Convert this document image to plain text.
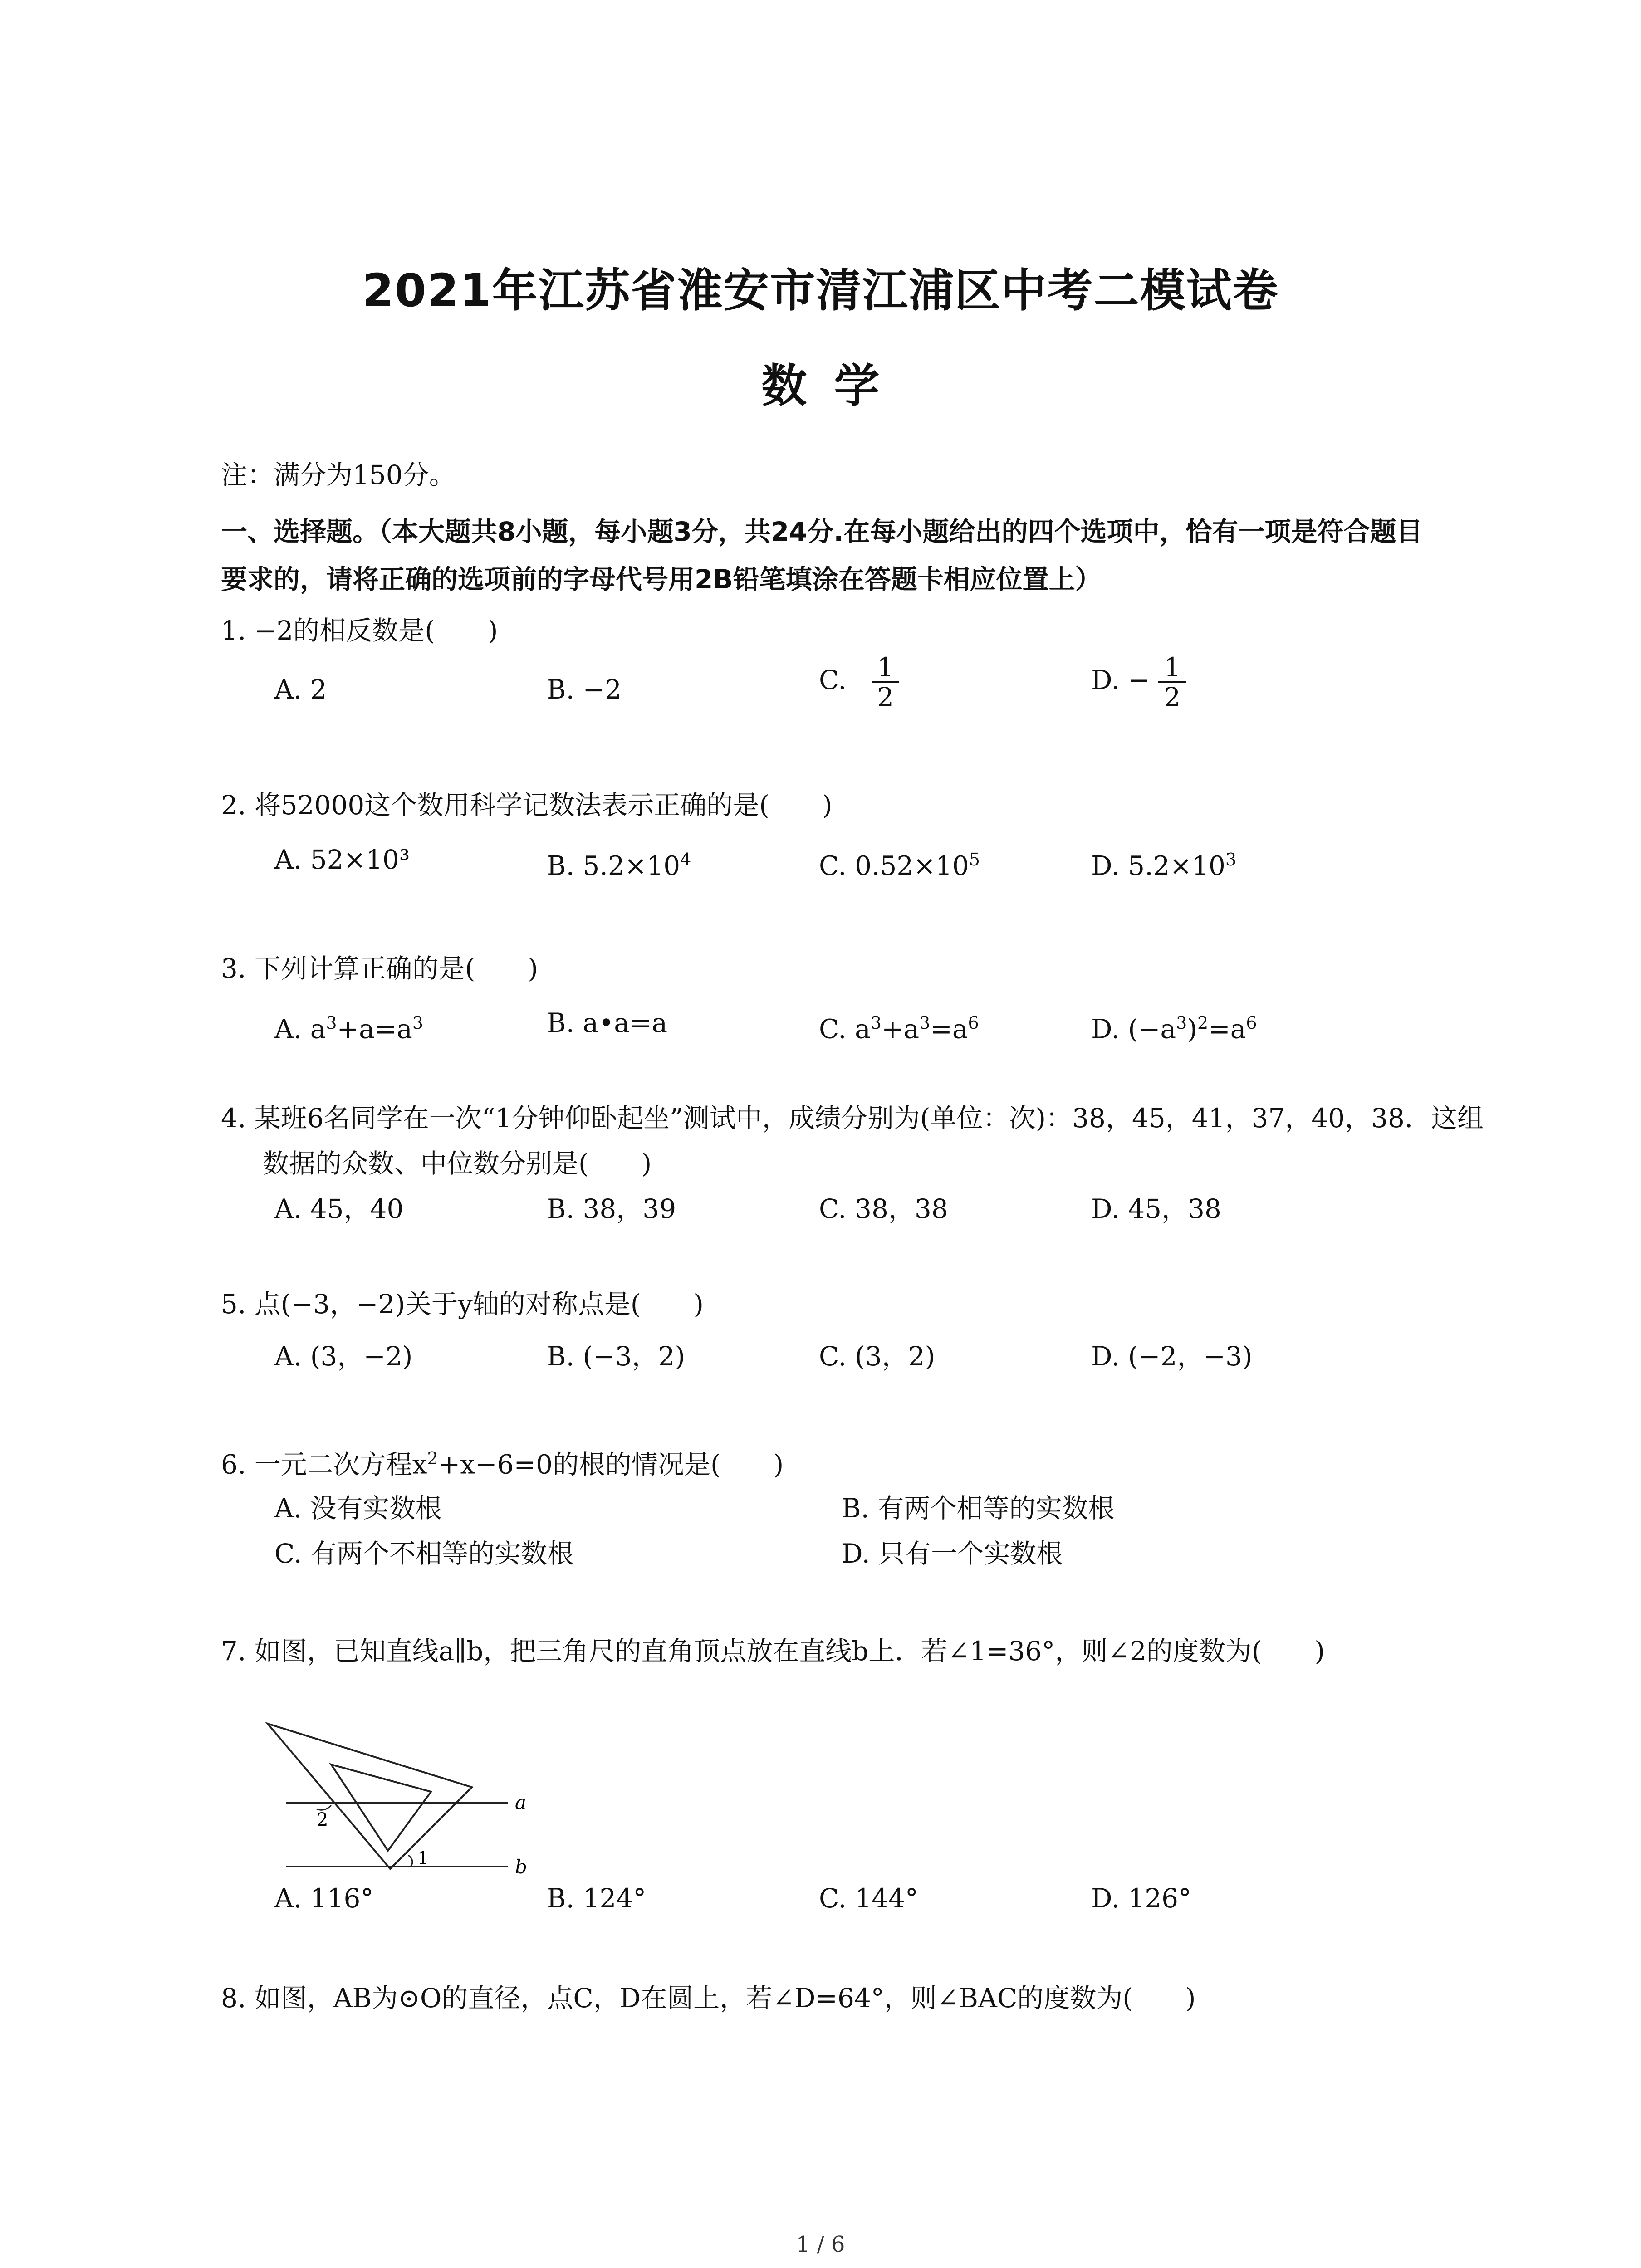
2021年江苏省淮安市清江浦区中考二模试卷
数学
注：满分为150分。
一、选择题。（本大题共8小题，每小题3分，共24分.在每小题给出的四个选项中，恰有一项是符合题目要求的，请将正确的选项前的字母代号用2B铅笔填涂在答题卡相应位置上）
1. −2的相反数是(　　)
A. 2	B. −2	C. $\frac{1}{2}$	D. − $\frac{1}{2}$
2. 将52000这个数用科学记数法表示正确的是(　　)
A. 52×10³	B. $5.2\times 10^4$	C. $0.52\times 10^5$	D. $5.2\times 10^3$
3. 下列计算正确的是(　　)
A. $a^3+a=a^3$	B. a•a=a	C. $a^3+a^3=a^6$	D. $(-a^3)^2=a^6$
4. 某班6名同学在一次“1分钟仰卧起坐”测试中，成绩分别为(单位：次)：38，45，41，37，40，38．这组数据的众数、中位数分别是(　　)
A. 45，40	B. 38，39	C. 38，38	D. 45，38
5. 点(−3，−2)关于y轴的对称点是(　　)
A. (3，−2)	B. (−3，2)	C. (3，2)	D. (−2，−3)
6. 一元二次方程$x^2+x-6=0$的根的情况是(　　)
A. 没有实数根	B. 有两个相等的实数根
C. 有两个不相等的实数根	D. 只有一个实数根
7. 如图，已知直线a∥b，把三角尺的直角顶点放在直线b上．若∠1=36°，则∠2的度数为(　　)
a
b
1
2
A. 116°	B. 124°	C. 144°	D. 126°
8. 如图，AB为⊙O的直径，点C，D在圆上，若∠D=64°，则∠BAC的度数为(　　)
1 / 6
